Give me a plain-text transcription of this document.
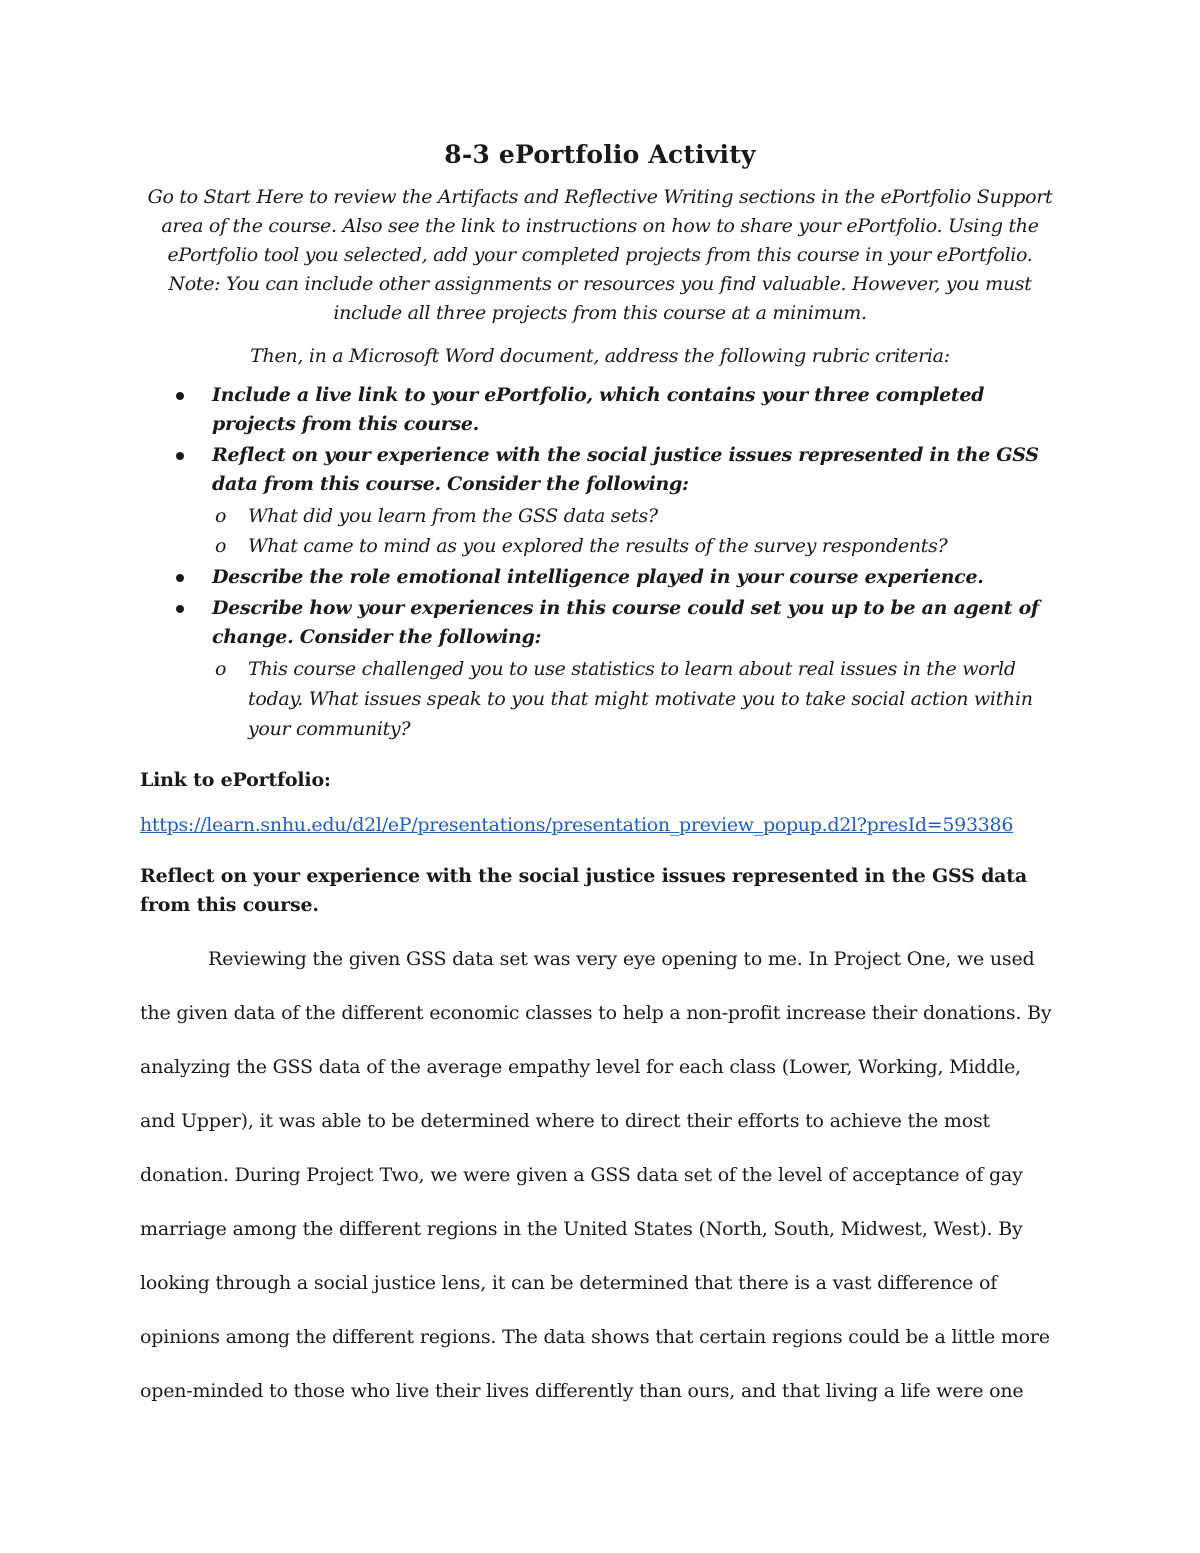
8-3 ePortfolio Activity
Go to Start Here to review the Artifacts and Reflective Writing sections in the ePortfolio Support area of the course. Also see the link to instructions on how to share your ePortfolio. Using the ePortfolio tool you selected, add your completed projects from this course in your ePortfolio. Note: You can include other assignments or resources you find valuable. However, you must include all three projects from this course at a minimum.
Then, in a Microsoft Word document, address the following rubric criteria:
Include a live link to your ePortfolio, which contains your three completed projects from this course.
Reflect on your experience with the social justice issues represented in the GSS data from this course. Consider the following:
o What did you learn from the GSS data sets?
o What came to mind as you explored the results of the survey respondents?
Describe the role emotional intelligence played in your course experience.
Describe how your experiences in this course could set you up to be an agent of change. Consider the following:
o This course challenged you to use statistics to learn about real issues in the world today. What issues speak to you that might motivate you to take social action within your community?
Link to ePortfolio:
https://learn.snhu.edu/d2l/eP/presentations/presentation_preview_popup.d2l?presId=593386
Reflect on your experience with the social justice issues represented in the GSS data from this course.
Reviewing the given GSS data set was very eye opening to me. In Project One, we used the given data of the different economic classes to help a non-profit increase their donations. By analyzing the GSS data of the average empathy level for each class (Lower, Working, Middle, and Upper), it was able to be determined where to direct their efforts to achieve the most donation. During Project Two, we were given a GSS data set of the level of acceptance of gay marriage among the different regions in the United States (North, South, Midwest, West). By looking through a social justice lens, it can be determined that there is a vast difference of opinions among the different regions. The data shows that certain regions could be a little more open-minded to those who live their lives differently than ours, and that living a life were one
